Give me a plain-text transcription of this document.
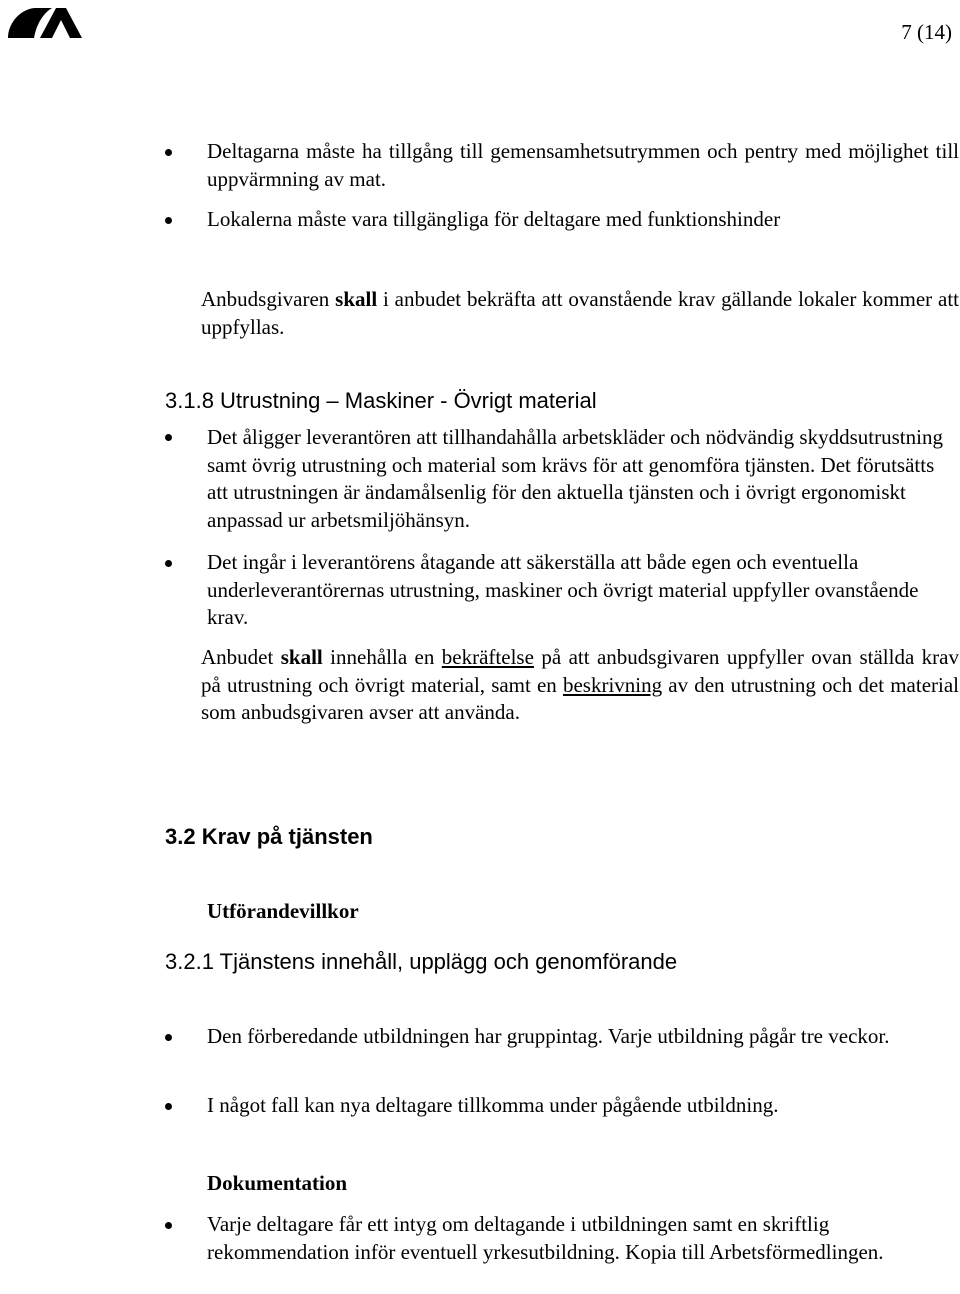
7 (14)
Deltagarna måste ha tillgång till gemensamhetsutrymmen och pentry med möjlighet till uppvärmning av mat.
Lokalerna måste vara tillgängliga för deltagare med funktionshinder
Anbudsgivaren skall i anbudet bekräfta att ovanstående krav gällande lokaler kommer att uppfyllas.
3.1.8 Utrustning – Maskiner - Övrigt material
Det åligger leverantören att tillhandahålla arbetskläder och nödvändig skyddsutrustning samt övrig utrustning och material som krävs för att genomföra tjänsten. Det förutsätts att utrustningen är ändamålsenlig för den aktuella tjänsten och i övrigt ergonomiskt anpassad ur arbetsmiljöhänsyn.
Det ingår i leverantörens åtagande att säkerställa att både egen och eventuella underleverantörernas utrustning, maskiner och övrigt material uppfyller ovanstående krav.
Anbudet skall innehålla en bekräftelse på att anbudsgivaren uppfyller ovan ställda krav på utrustning och övrigt material, samt en beskrivning av den utrustning och det material som anbudsgivaren avser att använda.
3.2 Krav på tjänsten
Utförandevillkor
3.2.1 Tjänstens innehåll, upplägg och genomförande
Den förberedande utbildningen har gruppintag. Varje utbildning pågår tre veckor.
I något fall kan nya deltagare tillkomma under pågående utbildning.
Dokumentation
Varje deltagare får ett intyg om deltagande i utbildningen samt en skriftlig rekommendation inför eventuell yrkesutbildning. Kopia till Arbetsförmedlingen.
